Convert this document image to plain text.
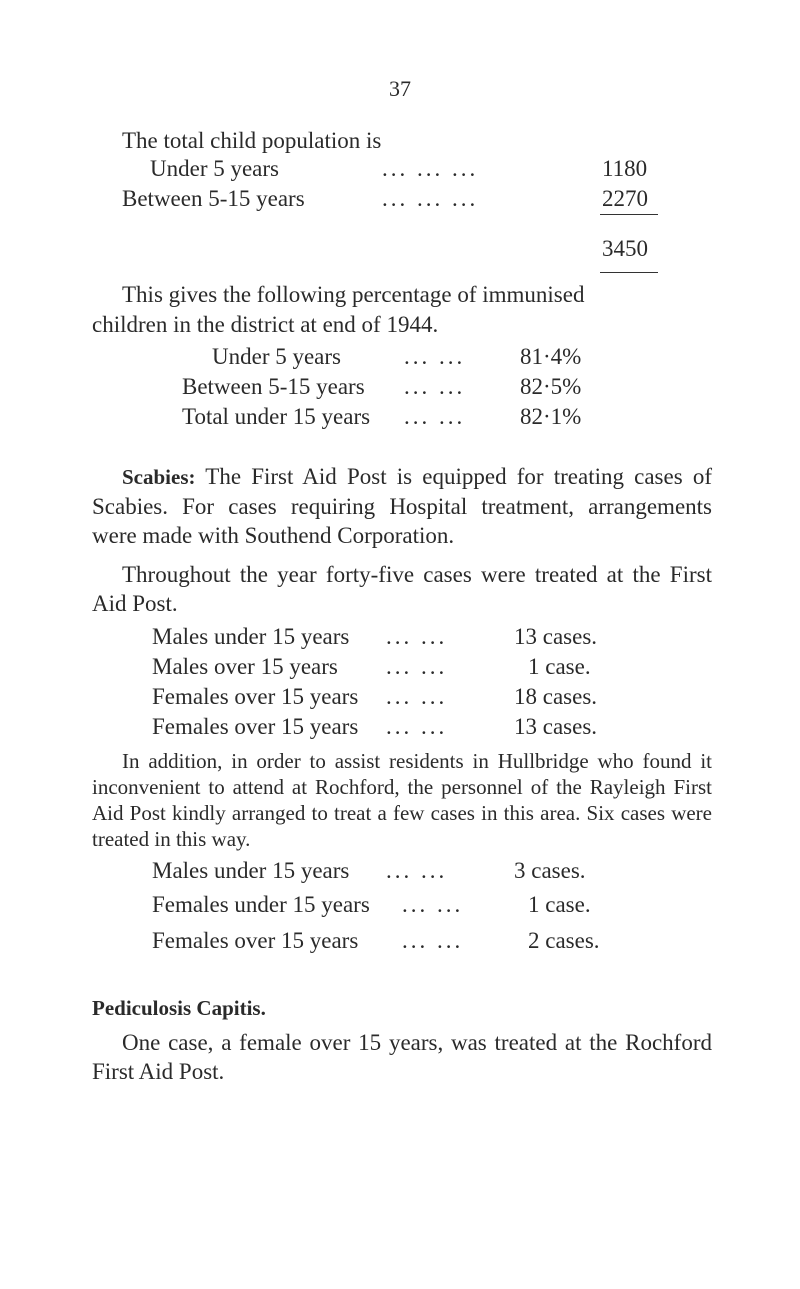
37
The total child population is
Under 5 years	... ... ...	1180
Between 5-15 years	... ... ...	2270
3450
This gives the following percentage of immunised
children in the district at end of 1944.
Under 5 years	... ... 81·4%
Between 5-15 years ... ... 82·5%
Total under 15 years ... ... 82·1%
Scabies: The First Aid Post is equipped for treating cases of Scabies. For cases requiring Hospital treatment, arrangements were made with Southend Corporation.
Throughout the year forty-five cases were treated at the First Aid Post.
Males under 15 years ... ...	13 cases.
Males over 15 years ... ...	1 case.
Females over 15 years ... ...	18 cases.
Females over 15 years ... ...	13 cases.
In addition, in order to assist residents in Hullbridge who found it inconvenient to attend at Rochford, the personnel of the Rayleigh First Aid Post kindly arranged to treat a few cases in this area. Six cases were treated in this way.
Males under 15 years ... ...	3 cases.
Females under 15 years ... ...	1 case.
Females over 15 years ... ...	2 cases.
Pediculosis Capitis.
One case, a female over 15 years, was treated at the Rochford First Aid Post.
